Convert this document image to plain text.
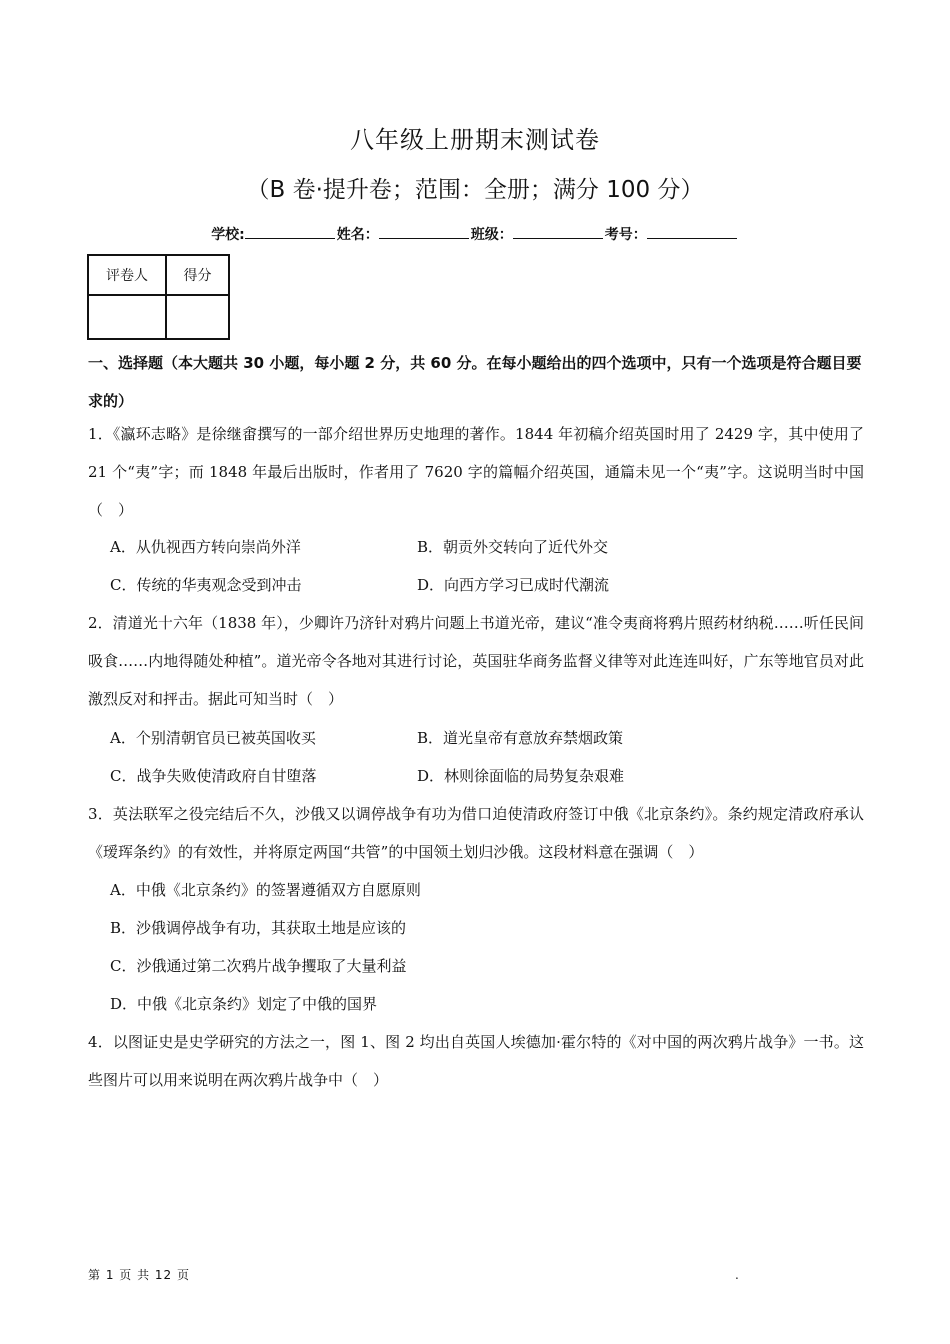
八年级上册期末测试卷
（B 卷·提升卷；范围：全册；满分 100 分）
学校:	姓名：	班级：	考号：
评卷人	得分

一、选择题（本大题共 30 小题，每小题 2 分，共 60 分。在每小题给出的四个选项中，只有一个选项是符合题目要求的）
1．《瀛环志略》是徐继畬撰写的一部介绍世界历史地理的著作。1844 年初稿介绍英国时用了 2429 字，其中使用了 21 个“夷”字；而 1848 年最后出版时，作者用了 7620 字的篇幅介绍英国，通篇未见一个“夷”字。这说明当时中国（　）
A．从仇视西方转向崇尚外洋	B．朝贡外交转向了近代外交
C．传统的华夷观念受到冲击	D．向西方学习已成时代潮流
2．清道光十六年（1838 年），少卿许乃济针对鸦片问题上书道光帝，建议“准令夷商将鸦片照药材纳税……听任民间吸食……内地得随处种植”。道光帝令各地对其进行讨论，英国驻华商务监督义律等对此连连叫好，广东等地官员对此激烈反对和抨击。据此可知当时（　）
A．个别清朝官员已被英国收买	B．道光皇帝有意放弃禁烟政策
C．战争失败使清政府自甘堕落	D．林则徐面临的局势复杂艰难
3．英法联军之役完结后不久，沙俄又以调停战争有功为借口迫使清政府签订中俄《北京条约》。条约规定清政府承认《瑷珲条约》的有效性，并将原定两国“共管”的中国领土划归沙俄。这段材料意在强调（　）
A．中俄《北京条约》的签署遵循双方自愿原则
B．沙俄调停战争有功，其获取土地是应该的
C．沙俄通过第二次鸦片战争攫取了大量利益
D．中俄《北京条约》划定了中俄的国界
4．以图证史是史学研究的方法之一，图 1、图 2 均出自英国人埃德加·霍尔特的《对中国的两次鸦片战争》一书。这些图片可以用来说明在两次鸦片战争中（　）
第 1 页 共 12 页	.
